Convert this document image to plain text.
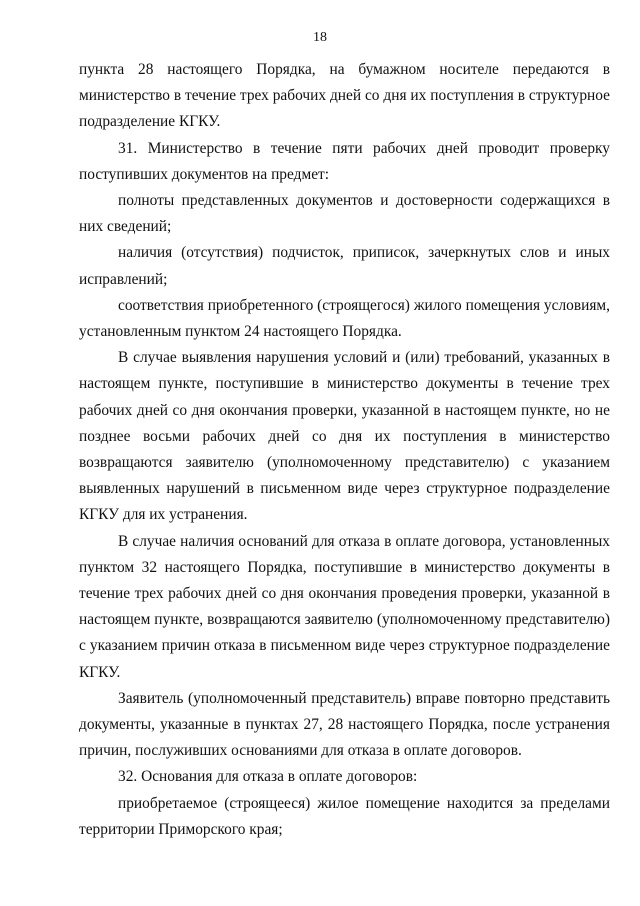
18

пункта 28 настоящего Порядка, на бумажном носителе передаются в министерство в течение трех рабочих дней со дня их поступления в структурное подразделение КГКУ.

31. Министерство в течение пяти рабочих дней проводит проверку поступивших документов на предмет:

полноты представленных документов и достоверности содержащихся в них сведений;

наличия (отсутствия) подчисток, приписок, зачеркнутых слов и иных исправлений;

соответствия приобретенного (строящегося) жилого помещения условиям, установленным пунктом 24 настоящего Порядка.

В случае выявления нарушения условий и (или) требований, указанных в настоящем пункте, поступившие в министерство документы в течение трех рабочих дней со дня окончания проверки, указанной в настоящем пункте, но не позднее восьми рабочих дней со дня их поступления в министерство возвращаются заявителю (уполномоченному представителю) с указанием выявленных нарушений в письменном виде через структурное подразделение КГКУ для их устранения.

В случае наличия оснований для отказа в оплате договора, установленных пунктом 32 настоящего Порядка, поступившие в министерство документы в течение трех рабочих дней со дня окончания проведения проверки, указанной в настоящем пункте, возвращаются заявителю (уполномоченному представителю) с указанием причин отказа в письменном виде через структурное подразделение КГКУ.

Заявитель (уполномоченный представитель) вправе повторно представить документы, указанные в пунктах 27, 28 настоящего Порядка, после устранения причин, послуживших основаниями для отказа в оплате договоров.

32. Основания для отказа в оплате договоров:

приобретаемое (строящееся) жилое помещение находится за пределами территории Приморского края;
